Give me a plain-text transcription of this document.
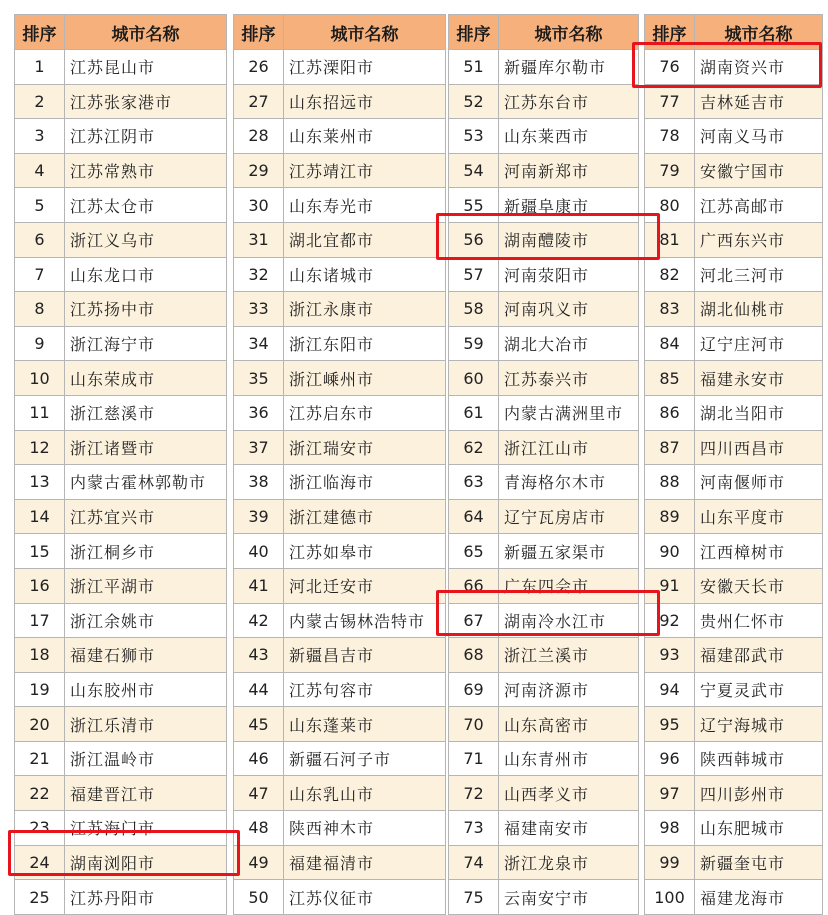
排序	城市名称
76	湖南资兴市
77	吉林延吉市
78	河南义马市
79	安徽宁国市
80	江苏高邮市
81	广西东兴市
82	河北三河市
83	湖北仙桃市
84	辽宁庄河市
85	福建永安市
86	湖北当阳市
87	四川西昌市
88	河南偃师市
89	山东平度市
90	江西樟树市
91	安徽天长市
92	贵州仁怀市
93	福建邵武市
94	宁夏灵武市
95	辽宁海城市
96	陕西韩城市
97	四川彭州市
98	山东肥城市
99	新疆奎屯市
100	福建龙海市
排序	城市名称
51	新疆库尔勒市
52	江苏东台市
53	山东莱西市
54	河南新郑市
55	新疆阜康市
56	湖南醴陵市
57	河南荥阳市
58	河南巩义市
59	湖北大冶市
60	江苏泰兴市
61	内蒙古满洲里市
62	浙江江山市
63	青海格尔木市
64	辽宁瓦房店市
65	新疆五家渠市
66	广东四会市
67	湖南冷水江市
68	浙江兰溪市
69	河南济源市
70	山东高密市
71	山东青州市
72	山西孝义市
73	福建南安市
74	浙江龙泉市
75	云南安宁市
排序	城市名称
26	江苏溧阳市
27	山东招远市
28	山东莱州市
29	江苏靖江市
30	山东寿光市
31	湖北宜都市
32	山东诸城市
33	浙江永康市
34	浙江东阳市
35	浙江嵊州市
36	江苏启东市
37	浙江瑞安市
38	浙江临海市
39	浙江建德市
40	江苏如皋市
41	河北迁安市
42	内蒙古锡林浩特市
43	新疆昌吉市
44	江苏句容市
45	山东蓬莱市
46	新疆石河子市
47	山东乳山市
48	陕西神木市
49	福建福清市
50	江苏仪征市
排序	城市名称
1	江苏昆山市
2	江苏张家港市
3	江苏江阴市
4	江苏常熟市
5	江苏太仓市
6	浙江义乌市
7	山东龙口市
8	江苏扬中市
9	浙江海宁市
10	山东荣成市
11	浙江慈溪市
12	浙江诸暨市
13	内蒙古霍林郭勒市
14	江苏宜兴市
15	浙江桐乡市
16	浙江平湖市
17	浙江余姚市
18	福建石狮市
19	山东胶州市
20	浙江乐清市
21	浙江温岭市
22	福建晋江市
23	江苏海门市
24	湖南浏阳市
25	江苏丹阳市
